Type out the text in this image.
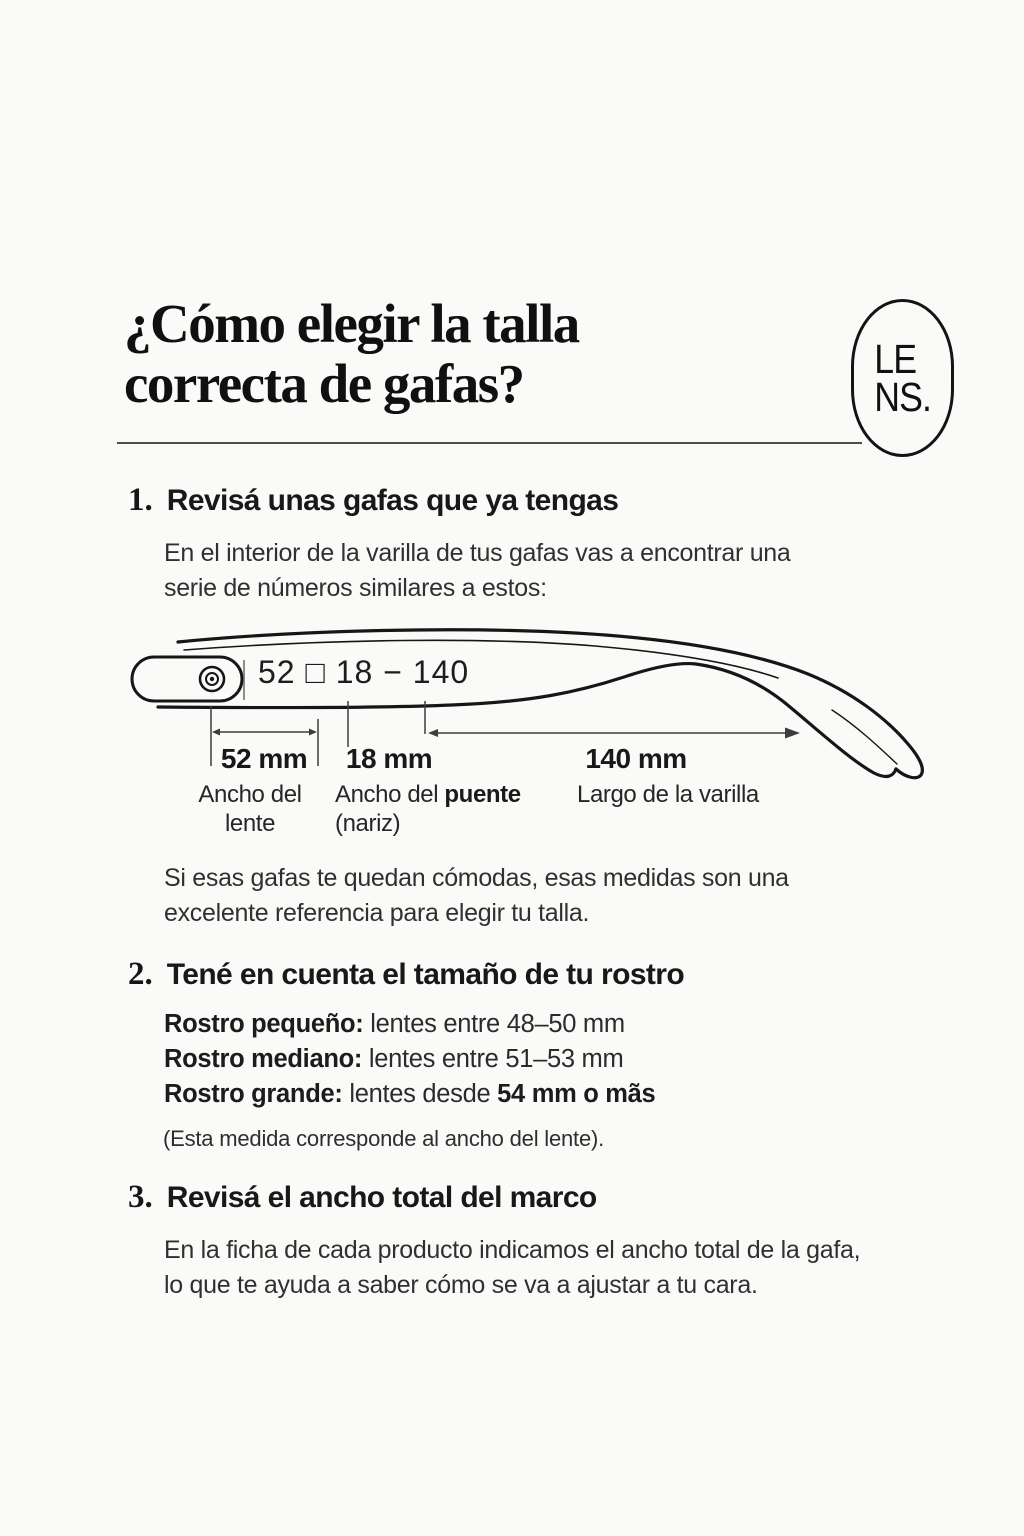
¿Cómo elegir la talla
correcta de gafas?	LE
NS.
1. Revisá unas gafas que ya tengas
En el interior de la varilla de tus gafas vas a encontrar una
serie de números similares a estos:
52 □ 18 − 140
52 mm 18 mm	140 mm
Ancho del
lente
Ancho del puente
(nariz)
Largo de la varilla
Si esas gafas te quedan cómodas, esas medidas son una
excelente referencia para elegir tu talla.
2. Tené en cuenta el tamaño de tu rostro
Rostro pequeño: lentes entre 48–50 mm
Rostro mediano: lentes entre 51–53 mm
Rostro grande: lentes desde 54 mm o mãs
(Esta medida corresponde al ancho del lente).
3. Revisá el ancho total del marco
En la ficha de cada producto indicamos el ancho total de la gafa,
lo que te ayuda a saber cómo se va a ajustar a tu cara.
